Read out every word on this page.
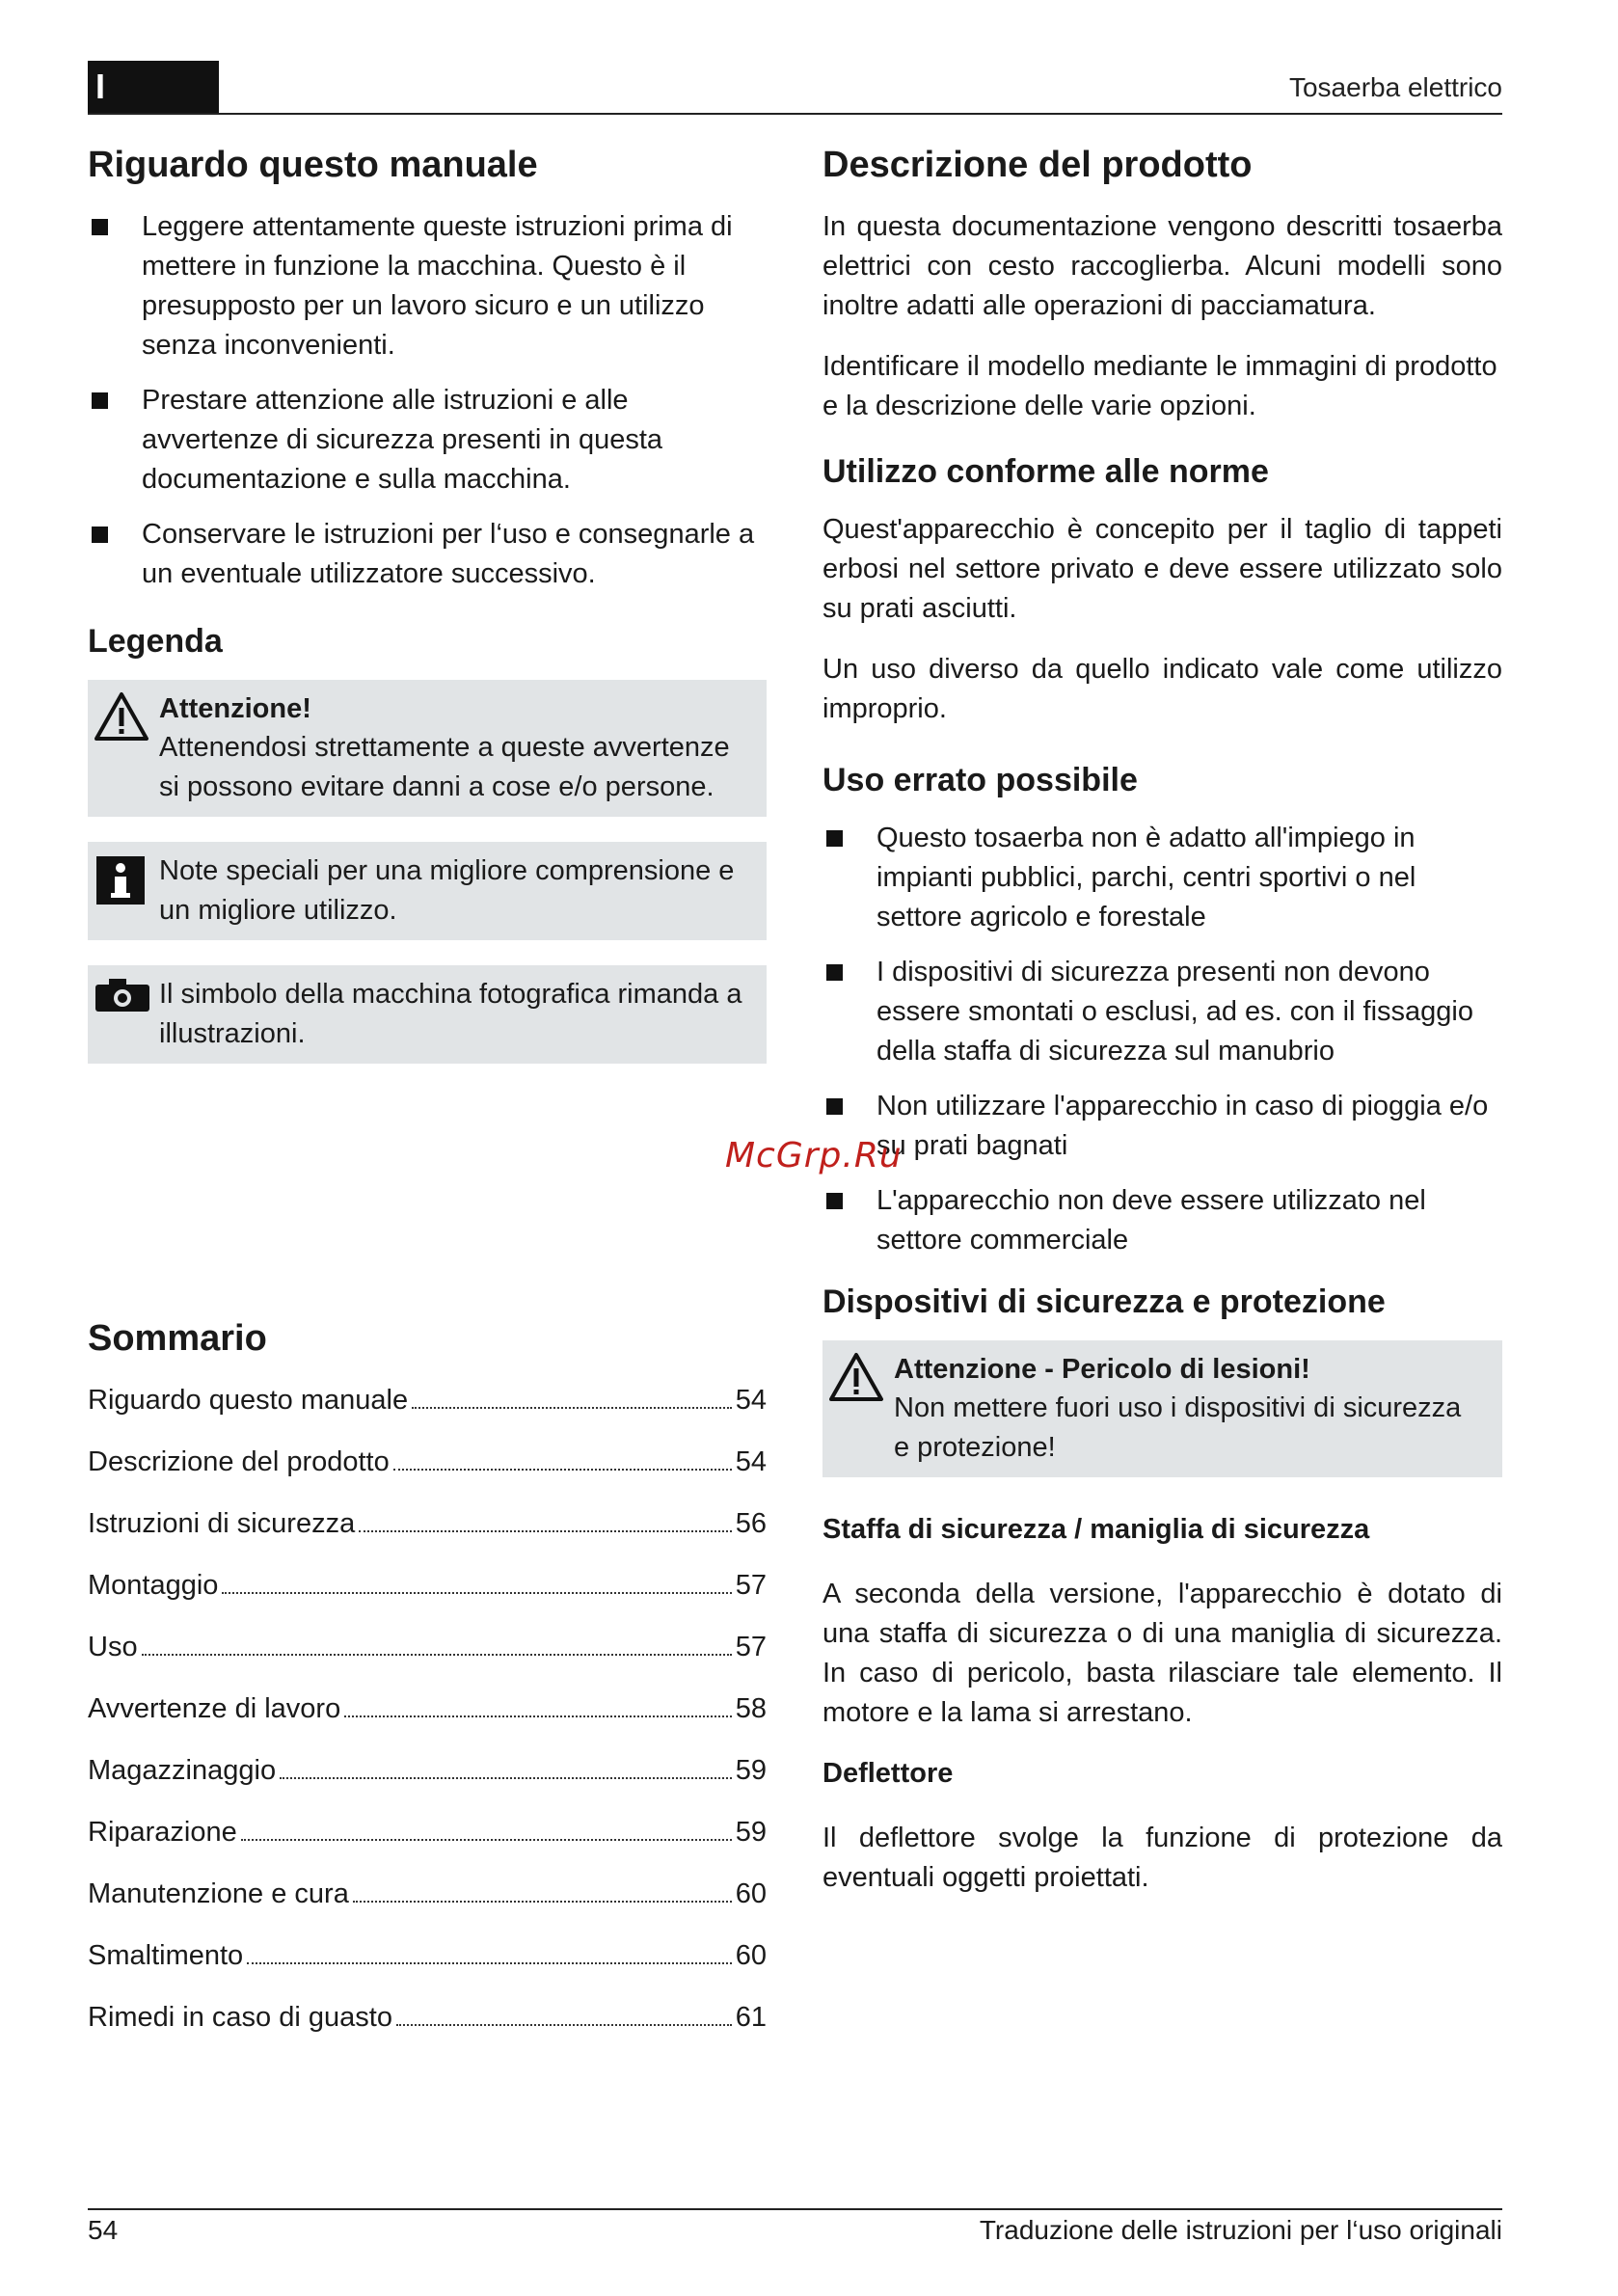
I	Tosaerba elettrico
Riguardo questo manuale
Leggere attentamente queste istruzioni prima di mettere in funzione la macchina. Questo è il presupposto per un lavoro sicuro e un utilizzo senza inconvenienti.
Prestare attenzione alle istruzioni e alle avvertenze di sicurezza presenti in questa documentazione e sulla macchina.
Conservare le istruzioni per l‘uso e consegnarle a un eventuale utilizzatore successivo.
Legenda
Attenzione!
Attenendosi strettamente a queste avvertenze si possono evitare danni a cose e/o persone.
Note speciali per una migliore comprensione e un migliore utilizzo.
Il simbolo della macchina fotografica rimanda a illustrazioni.
Sommario
Riguardo questo manuale	54
Descrizione del prodotto	54
Istruzioni di sicurezza	56
Montaggio	57
Uso	57
Avvertenze di lavoro	58
Magazzinaggio	59
Riparazione	59
Manutenzione e cura	60
Smaltimento	60
Rimedi in caso di guasto	61
Descrizione del prodotto

In questa documentazione vengono descritti tosaerba elettrici con cesto raccoglierba. Alcuni modelli sono inoltre adatti alle operazioni di pacciamatura.

Identificare il modello mediante le immagini di prodotto e la descrizione delle varie opzioni.

Utilizzo conforme alle norme

Quest'apparecchio è concepito per il taglio di tappeti erbosi nel settore privato e deve essere utilizzato solo su prati asciutti.

Un uso diverso da quello indicato vale come utilizzo improprio.

Uso errato possibile
Questo tosaerba non è adatto all'impiego in impianti pubblici, parchi, centri sportivi o nel settore agricolo e forestale
I dispositivi di sicurezza presenti non devono essere smontati o esclusi, ad es. con il fissaggio della staffa di sicurezza sul manubrio
Non utilizzare l'apparecchio in caso di pioggia e/o su prati bagnati
L'apparecchio non deve essere utilizzato nel settore commerciale
Dispositivi di sicurezza e protezione
Attenzione - Pericolo di lesioni!
Non mettere fuori uso i dispositivi di sicurezza e protezione!
Staffa di sicurezza / maniglia di sicurezza

A seconda della versione, l'apparecchio è dotato di una staffa di sicurezza o di una maniglia di sicurezza. In caso di pericolo, basta rilasciare tale elemento. Il motore e la lama si arrestano.

Deflettore

Il deflettore svolge la funzione di protezione da eventuali oggetti proiettati.

McGrp.Ru
54	Traduzione delle istruzioni per l‘uso originali
